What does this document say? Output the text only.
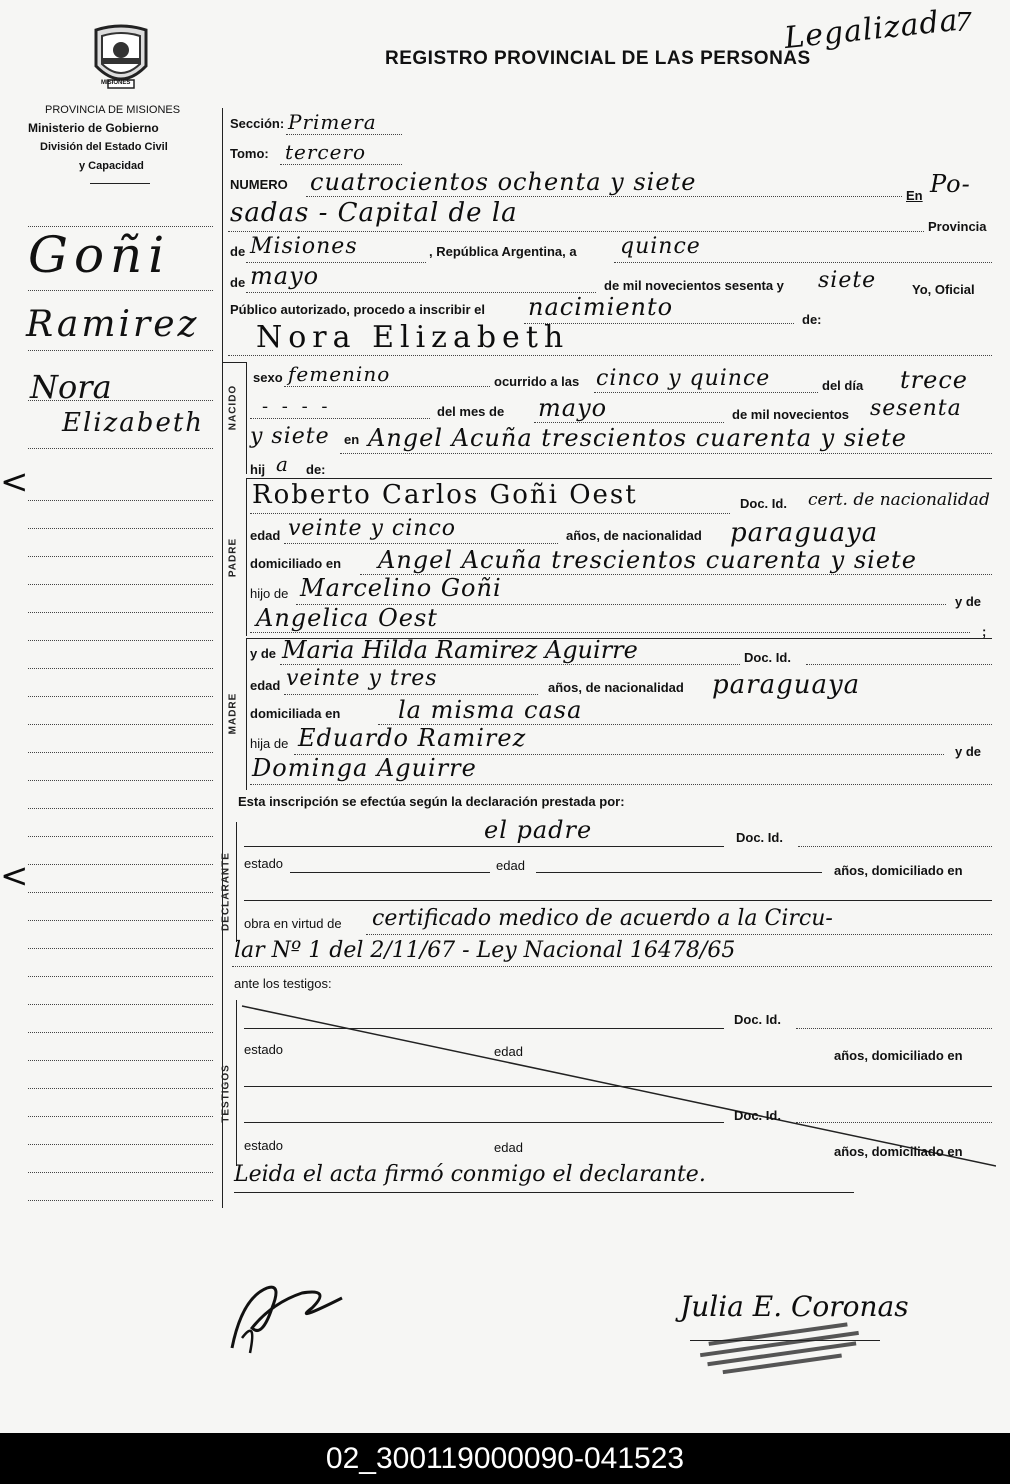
MISIONES
PROVINCIA DE MISIONES
Ministerio de Gobierno
División del Estado Civil
y Capacidad
REGISTRO PROVINCIAL DE LAS PERSONAS
Legalizada
7
Goñi
Ramirez
Nora
Elizabeth
Sección: Primera
Tomo: tercero
NUMERO cuatrocientos ochenta y siete	En Po-
sadas - Capital de la	Provincia
de Misiones	, República Argentina, a quince
de mayo	de mil novecientos sesenta y siete	Yo, Oficial
Público autorizado, procedo a inscribir el nacimiento	de:
Nora Elizabeth
NACIDO
sexo femenino	ocurrido a las cinco y quince	del día trece
- - - -	del mes de mayo	de mil novecientos sesenta
y siete en Angel Acuña trescientos cuarenta y siete
hij a de:
PADRE
Roberto Carlos Goñi Oest	Doc. Id. cert. de nacionalidad
edad veinte y cinco	años, de nacionalidad paraguaya
domiciliado en Angel Acuña trescientos cuarenta y siete
hijo de Marcelino Goñi	y de
Angelica Oest	;
MADRE
y de Maria Hilda Ramirez Aguirre	Doc. Id.
edad veinte y tres	años, de nacionalidad paraguaya
domiciliada en la misma casa
hija de Eduardo Ramirez	y de
Dominga Aguirre
Esta inscripción se efectúa según la declaración prestada por:
DECLARANTE
el padre	Doc. Id.
estado	edad	años, domiciliado en
obra en virtud de certificado medico de acuerdo a la Circu-
lar Nº 1 del 2/11/67 - Ley Nacional 16478/65
ante los testigos:
TESTIGOS
Doc. Id.
estado	edad	años, domiciliado en
Doc. Id.
estado	edad	años, domiciliado en
Leida el acta firmó conmigo el declarante.
Julia E. Coronas
<
<
02_300119000090-041523
